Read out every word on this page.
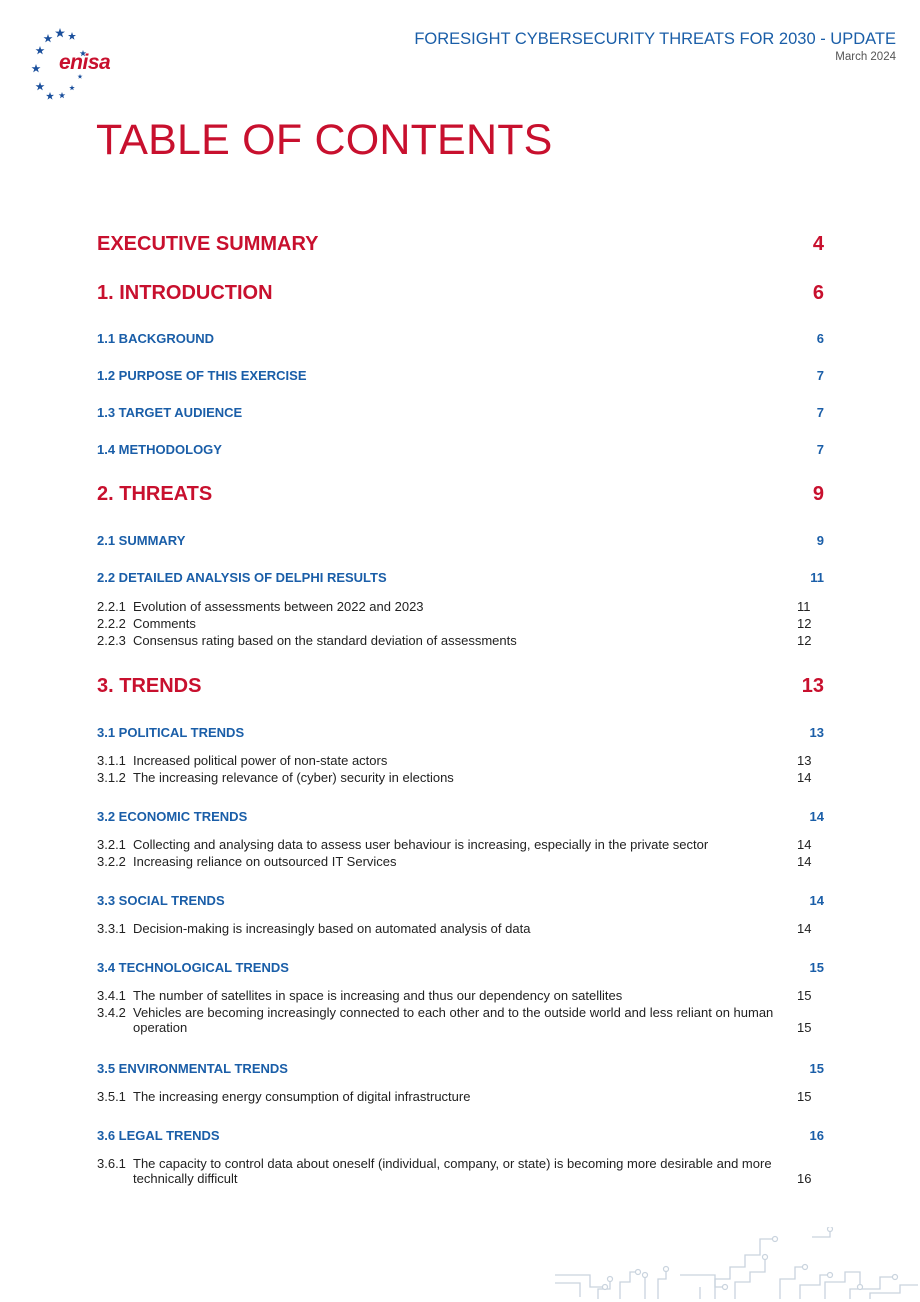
enisa
FORESIGHT CYBERSECURITY THREATS FOR 2030 - UPDATE
March 2024
TABLE OF CONTENTS
EXECUTIVE SUMMARY	4
1. INTRODUCTION	6
1.1 BACKGROUND	6
1.2 PURPOSE OF THIS EXERCISE	7
1.3 TARGET AUDIENCE	7
1.4 METHODOLOGY	7
2. THREATS	9
2.1 SUMMARY	9
2.2 DETAILED ANALYSIS OF DELPHI RESULTS	11
2.2.1 Evolution of assessments between 2022 and 2023	11
2.2.2 Comments	12
2.2.3 Consensus rating based on the standard deviation of assessments	12
3. TRENDS	13
3.1 POLITICAL TRENDS	13
3.1.1 Increased political power of non-state actors	13
3.1.2 The increasing relevance of (cyber) security in elections	14
3.2 ECONOMIC TRENDS	14
3.2.1 Collecting and analysing data to assess user behaviour is increasing, especially in the private sector	14
3.2.2 Increasing reliance on outsourced IT Services	14
3.3 SOCIAL TRENDS	14
3.3.1 Decision-making is increasingly based on automated analysis of data	14
3.4 TECHNOLOGICAL TRENDS	15
3.4.1 The number of satellites in space is increasing and thus our dependency on satellites	15
3.4.2 Vehicles are becoming increasingly connected to each other and to the outside world and less reliant on human operation	15
3.5 ENVIRONMENTAL TRENDS	15
3.5.1 The increasing energy consumption of digital infrastructure	15
3.6 LEGAL TRENDS	16
3.6.1 The capacity to control data about oneself (individual, company, or state) is becoming more desirable and more technically difficult	16
